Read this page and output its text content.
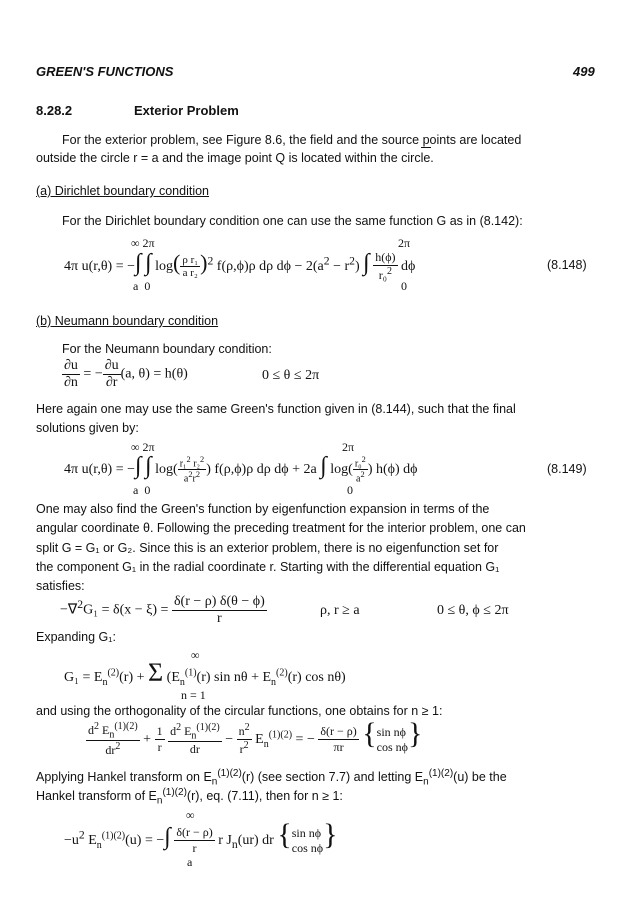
GREEN'S FUNCTIONS	499
8.28.2	Exterior Problem
For the exterior problem, see Figure 8.6, the field and the source points are located
outside the circle r = a and the image point Q is located within the circle.
(a) Dirichlet boundary condition
For the Dirichlet boundary condition one can use the same function G as in (8.142):
∞ 2π	2π
4π u(r,θ) = −∫ ∫ $\log( \frac{\text{ρ r₁}}{\text{a r₂}} )^2$ f(ρ,ϕ)ρ dρ $d\phi - 2(a^2 - r^2)$ ∫ $\frac{h(\phi)}{r_0^2}$ dϕ
a  0	0
(8.148)
(b) Neumann boundary condition
For the Neumann boundary condition:
$\frac{\partial u}{\partial n}$ = − $\frac{\partial u}{\partial r} (a$, θ) = h(θ)	0 ≤ θ ≤ 2π
Here again one may use the same Green's function given in (8.144), such that the final
solutions given by:
∞ 2π	2π
4π u(r,θ) = −∫ ∫ $\log( \frac{r_1^2 r_2^2}{a^2r^2}$ ) f(ρ,ϕ)ρ dρ dϕ + 2a ∫ $\log( \frac{r_0^2}{a^2}$ ) h(ϕ) dϕ
a  0	0
(8.149)
One may also find the Green's function by eigenfunction expansion in terms of the
angular coordinate θ. Following the preceding treatment for the interior problem, one can
split G = G₁ or G₂. Since this is an exterior problem, there is no eigenfunction set for
the component G₁ in the radial coordinate r. Starting with the differential equation G₁
satisfies:
$-\nabla^2G_1 = \delta(x - \xi) = \frac{\delta(r - \rho) \delta(\theta - \phi)}{r}$	ρ, r ≥ a	0 ≤ θ, ϕ ≤ 2π
Expanding G₁:
∞
$G_1 = E_n^{(2)}(r) + \Sigma$ ($E_n^{(1)}(r)$ $\sin n\theta + E_n^{(2)}(r)$ cos nθ)
n = 1
and using the orthogonality of the circular functions, one obtains for n ≥ 1:
$\frac{d^2 E_n^{(1)(2)}}{dr^2} + \frac{1}{r}$
$\frac{d^2 E_n^{(1)(2)}}{dr} - \frac{n^2}{r^2} E_n^{(1)(2)}$ = − $\frac{\delta(r - \rho)}{\pi r} \{\sin$ nϕ
cos nϕ}
Applying Hankel transform on $E_n^{(1)(2)}(r)$ (see section 7.7) and letting $E_n^{(1)(2)}(u)$ be the
Hankel transform of $E_n^{(1)(2)}(r)$, eq. (7.11), then for n ≥ 1:
∞
$-u^2$ $E_n^{(1)(2)}(u)$ = −∫ $\frac{\delta(r - \rho)}{r}$ r $J_n(ur)$ dr {sin nϕ
cos nϕ}
a
